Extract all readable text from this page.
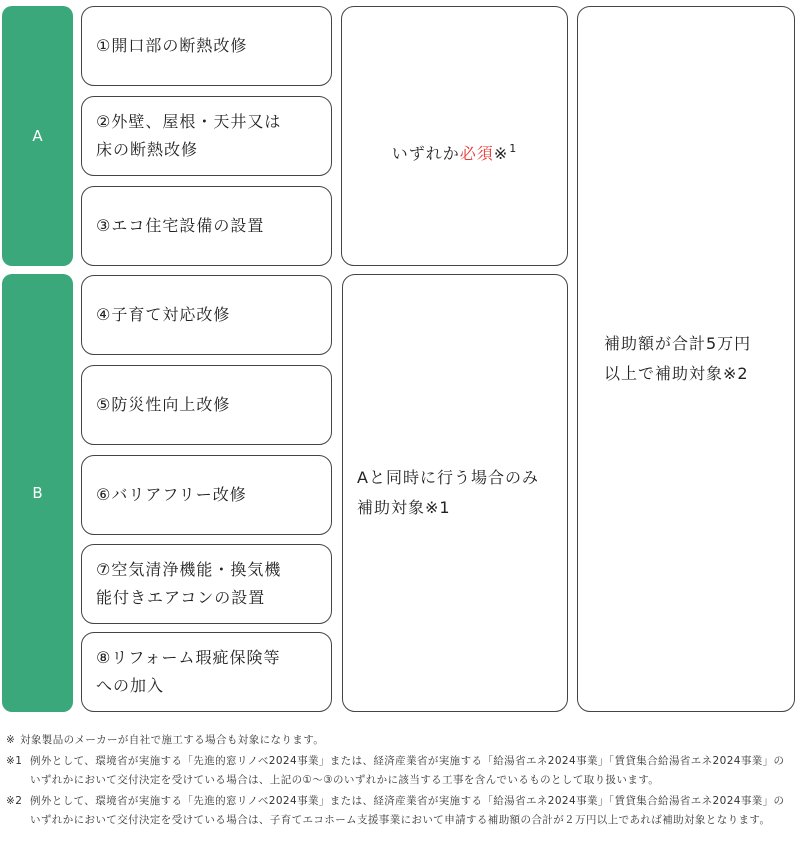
A
B
①開口部の断熱改修
②外壁、屋根・天井又は
床の断熱改修
③エコ住宅設備の設置
④子育て対応改修
⑤防災性向上改修
⑥バリアフリー改修
⑦空気清浄機能・換気機
能付きエアコンの設置
⑧リフォーム瑕疵保険等
への加入

いずれか必須※$^1$

Aと同時に行う場合のみ
補助対象※1
補助額が合計5万円
以上で補助対象※2
※ 対象製品のメーカーが自社で施工する場合も対象になります。
※1 例外として、環境省が実施する「先進的窓リノベ2024事業」または、経済産業省が実施する「給湯省エネ2024事業」「賃貸集合給湯省エネ2024事業」のいずれかにおいて交付決定を受けている場合は、上記の①〜③のいずれかに該当する工事を含んでいるものとして取り扱います。
※2 例外として、環境省が実施する「先進的窓リノベ2024事業」または、経済産業省が実施する「給湯省エネ2024事業」「賃貸集合給湯省エネ2024事業」のいずれかにおいて交付決定を受けている場合は、子育てエコホーム支援事業において申請する補助額の合計が２万円以上であれば補助対象となります。
